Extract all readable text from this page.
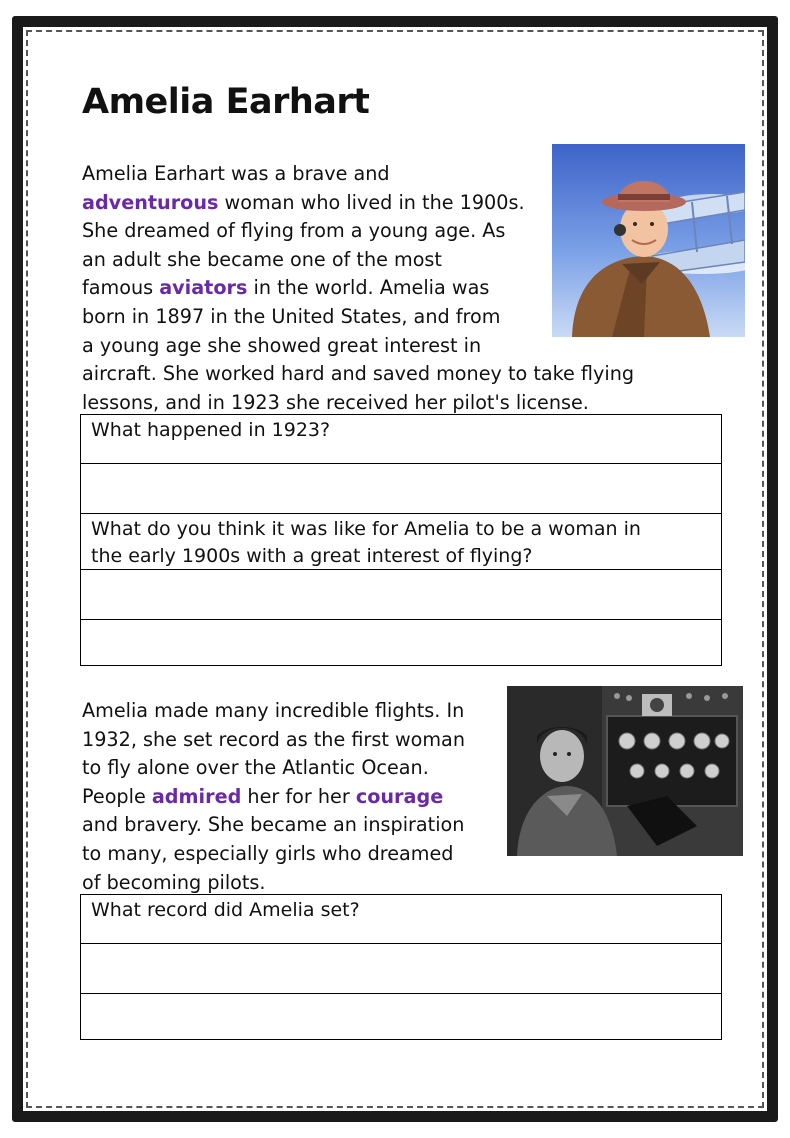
Amelia Earhart
Amelia Earhart was a brave and
adventurous woman who lived in the 1900s.
She dreamed of flying from a young age. As
an adult she became one of the most
famous aviators in the world. Amelia was
born in 1897 in the United States, and from
a young age she showed great interest in
aircraft. She worked hard and saved money to take flying
lessons, and in 1923 she received her pilot's license.
What happened in 1923?
What do you think it was like for Amelia to be a woman in
the early 1900s with a great interest of flying?
Amelia made many incredible flights. In
1932, she set record as the first woman
to fly alone over the Atlantic Ocean.
People admired her for her courage
and bravery. She became an inspiration
to many, especially girls who dreamed
of becoming pilots.
What record did Amelia set?
